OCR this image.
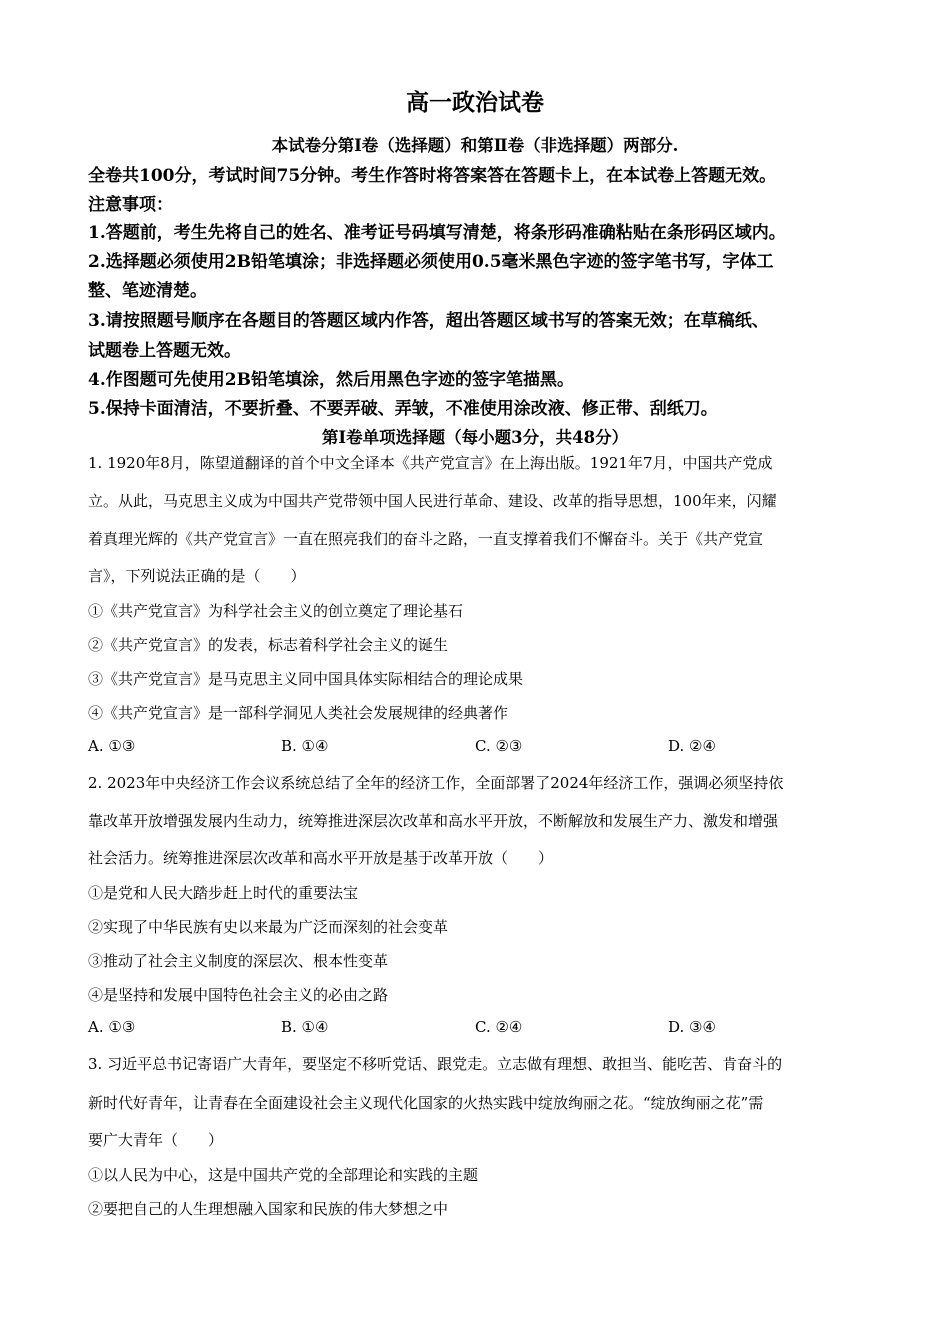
高一政治试卷
本试卷分第Ⅰ卷（选择题）和第Ⅱ卷（非选择题）两部分.
全卷共100分，考试时间75分钟。考生作答时将答案答在答题卡上，在本试卷上答题无效。
注意事项：
1.答题前，考生先将自己的姓名、准考证号码填写清楚，将条形码准确粘贴在条形码区域内。
2.选择题必须使用2B铅笔填涂；非选择题必须使用0.5毫米黑色字迹的签字笔书写，字体工
整、笔迹清楚。
3.请按照题号顺序在各题目的答题区域内作答，超出答题区域书写的答案无效；在草稿纸、
试题卷上答题无效。
4.作图题可先使用2B铅笔填涂，然后用黑色字迹的签字笔描黑。
5.保持卡面清洁，不要折叠、不要弄破、弄皱，不准使用涂改液、修正带、刮纸刀。
第Ⅰ卷单项选择题（每小题3分，共48分）
1. 1920年8月，陈望道翻译的首个中文全译本《共产党宣言》在上海出版。1921年7月，中国共产党成
立。从此，马克思主义成为中国共产党带领中国人民进行革命、建设、改革的指导思想，100年来，闪耀
着真理光辉的《共产党宣言》一直在照亮我们的奋斗之路，一直支撑着我们不懈奋斗。关于《共产党宣
言》，下列说法正确的是（　　）
①《共产党宣言》为科学社会主义的创立奠定了理论基石
②《共产党宣言》的发表，标志着科学社会主义的诞生
③《共产党宣言》是马克思主义同中国具体实际相结合的理论成果
④《共产党宣言》是一部科学洞见人类社会发展规律的经典著作
A. ①③	B. ①④	C. ②③	D. ②④
2. 2023年中央经济工作会议系统总结了全年的经济工作，全面部署了2024年经济工作，强调必须坚持依
靠改革开放增强发展内生动力，统筹推进深层次改革和高水平开放，不断解放和发展生产力、激发和增强
社会活力。统筹推进深层次改革和高水平开放是基于改革开放（　　）
①是党和人民大踏步赶上时代的重要法宝
②实现了中华民族有史以来最为广泛而深刻的社会变革
③推动了社会主义制度的深层次、根本性变革
④是坚持和发展中国特色社会主义的必由之路
A. ①③	B. ①④	C. ②④	D. ③④
3. 习近平总书记寄语广大青年，要坚定不移听党话、跟党走。立志做有理想、敢担当、能吃苦、肯奋斗的
新时代好青年，让青春在全面建设社会主义现代化国家的火热实践中绽放绚丽之花。“绽放绚丽之花”需
要广大青年（　　）
①以人民为中心，这是中国共产党的全部理论和实践的主题
②要把自己的人生理想融入国家和民族的伟大梦想之中
